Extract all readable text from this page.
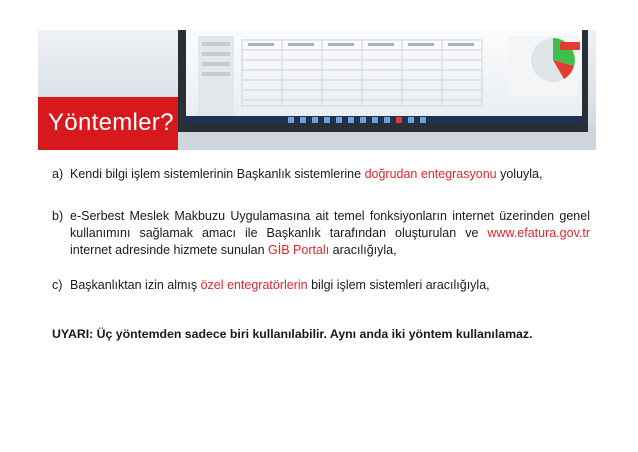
Yöntemler?

a) Kendi bilgi işlem sistemlerinin Başkanlık sistemlerine doğrudan entegrasyonu yoluyla,

b) e-Serbest Meslek Makbuzu Uygulamasına ait temel fonksiyonların internet üzerinden genel kullanımını sağlamak amacı ile Başkanlık tarafından oluşturulan ve www.efatura.gov.tr internet adresinde hizmete sunulan GİB Portalı aracılığıyla,

c) Başkanlıktan izin almış özel entegratörlerin bilgi işlem sistemleri aracılığıyla,

UYARI: Üç yöntemden sadece biri kullanılabilir. Aynı anda iki yöntem kullanılamaz.
